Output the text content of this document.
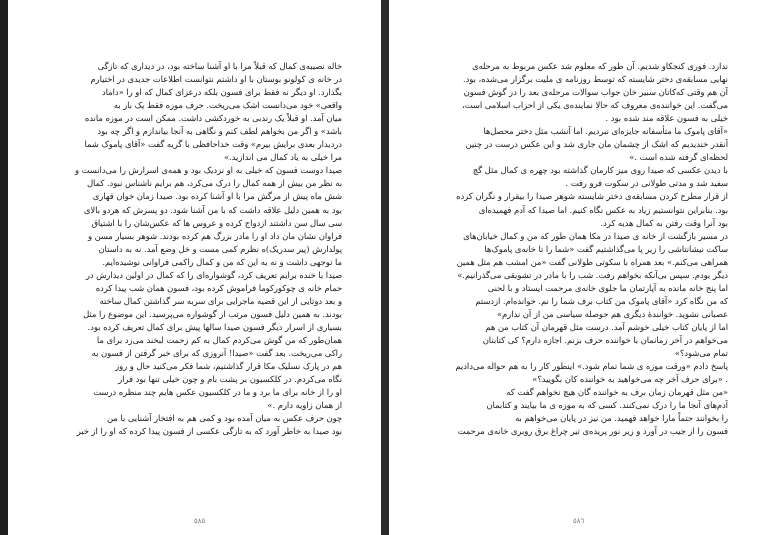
خاله نصیبه‌ی کمال که قبلاً مرا با او آشنا ساخته بود، در دیداری که تازگی
در خانه ی کولونو بوستان با او داشتم نتوانست اطلاعات جدیدی در اختیارم
بگذارد. او دیگر نه فقط برای فسون بلکه درعزای کمال که او را «داماد
واقعی» خود می‌دانست اشک می‌ریخت. حرف موزه فقط یک بار به
میان آمد. او قبلاً یک رندبی به خوردکشی داشت. ممکن است در موزه مانده
باشد» و اگر من بخواهم لطف کنم و نگاهی به آنجا بیاندازم و اگر چه بود
دردیدار بعدی برایش بیرم» وقت خداحافظی با گریه گفت «آقای پاموک شما
مرا خیلی به یاد کمال می اندازید.»
صیدا دوست فسون که خیلی به او نزدیک بود و همه‌ی اسرارش را می‌دانست و
به نظر من بیش از همه کمال را درک می‌کرد، هم برایم ناشناس نبود. کمال
شش ماه پیش از مرگش مرا با او آشنا کرده بود. صیدا زمان خوان قهاری
بود به همین دلیل علاقه داشت که با من آشنا شود. دو پسرش که هردو بالای
سی سال سن داشتند ازدواج کرده و عروس ها که عکس‌شان را با اشتیاق
فراوان نشان‌ مان داد او را مادر بزرگ هم کرده بودند. شوهر بسیار مسن و
پولدارش (پیر سدریک)ه نظرم کمی مست و خل وضع آمد. نه به داستان
ما توجهی داشت و نه به این که من و کمال راکمی فراوانی نوشیده‌ایم.
صیدا با خنده برایم تعریف کرد، گوشواره‌ای را که کمال در اولین دیدارش در
حمام خانه ی چوکورکوما فراموش کرده بود، فسون همان شب پیدا کرده
و بعد دوتایی از این قضیه ماجرایی برای سربه سر گذاشتن کمال ساخته
بودند. به همین دلیل فسون مرتب از گوشواره می‌پرسید. این موضوع را مثل
بسیاری از اسرار دیگر فسون صیدا سالها پیش برای کمال تعریف کرده بود.
همان‌طور که من گوش می‌کردم کمال به کم زحمت لبخند می‌زد برای ما
راکی می‌ریخت. بعد گفت «صیدا! آنروزی که برای خبر گرفتن از فسون به
هم در پارک نسلیک مکا قرار گذاشتیم، شما فکر می‌کنید حال و روز
نگاه می‌کردم. در کلکسیون بر پشت بام و چون خیلی تنها بود فرار
او را از خانه برای ما برد و ما در کلکسیون عکس هایم چند منظره درست
از همان زاویه دارم .»
چون حرف عکس به میان آمده بود و کمی هم به افتخار آشنایی با من
بود صیدا به خاطر آورد که به تازگی عکسی از فسون پیدا کرده که او را از خبر
٥٨٥
ندارد. فوری کنجکاو شدیم. آن طور که معلوم شد عکس مربوط به مرحله‌ی
نهایی مسابقه‌ی دختر شایسته که توسط روزنامه ی ملیت برگزار می‌شده، بود.
آن هم وقتی که‌کاتان سبیر خان جواب سوالات مرحله‌ی بعد را در گوش فسون
می‌گفت. این خواننده‌ی معروف که حالا نماینده‌ی یکی از احزاب اسلامی است،
خیلی به فسون علاقه مند شده بود .
«آقای پاموک ما متأسفانه جایزه‌ای نبردیم. اما آنشب مثل دختر محصل‌ها
آنقدر خندیدیم که اشک از چشمان‌ مان جاری شد و این عکس درست در چنین
لحظه‌ای گرفته شده است .»
با دیدن عکسی که صیدا روی میز کارمان گذاشته بود چهره ی کمال مثل گچ
سفید شد و مدتی طولانی در سکوت فرو رفت .
از قرار مطرح کردن مسابقه‌ی دختر شایسته شوهر صیدا را بیقرار و نگران کرده
بود. بنابراین نتوانستیم زیاد به عکس نگاه کنیم. اما صیدا که آدم فهمیده‌ای
بود آنرا وقت رفتن به کمال هدیه کرد.
در مسیر بازگشت از خانه ی صیدا در مکا همان طور که من و کمال خیابان‌های
ساکت نیشانتاشی را زیر پا می‌گذاشتیم گفت «شما را تا خانه‌ی پاموک‌ها
همراهی می‌کنم.» بعد همراه با سکوتی طولانی گفت «من امشب هم مثل همین
دیگر بودم. سپس بی‌آنکه بخواهم رفت. شب را با مادر در تشویقی می‌گذرانیم.»
اما پنج خانه مانده به آپارتمان ما جلوی خانه‌ی مرحمت ایستاد و با لحنی
که من نگاه کرد «آقای پاموک من کتاب برف شما را نم. خوانده‌ام. ازدستم
عصبانی نشوید. خوانندهٔ دیگری هم حوصله سیاسی من از آن ندارم»
اما از پایان کتاب خیلی خوشم آمد. درست مثل قهرمان آن کتاب من هم
می‌خواهم در آخر زمانمان با خواننده حرف بزنم. اجازه دارم؟ کی کتابتان
تمام می‌شود؟»
پاسخ دادم «ورقت موزه ی شما تمام شود.» اینطور کار را به هم حواله می‌دادیم
. «برای حرف آخر چه می‌خواهید به خواننده‌ کان بگویید؟»
«من مثل قهرمان زمان برف به خواننده‌ گان هیچ نخواهم گفت که
آدم‌های آنجا ما را درک نمی‌کنند. کسی که به موزه ی ما بیایند و کتابمان
را بخوانند حتماً مارا خواهد فهمید. من نیز در پایان می‌خواهم به
فسون را از جیب در آورد و زیر نور پریده‌ی تیر چراغ برق روبری خانه‌ی مرحمت
٥٨٦
